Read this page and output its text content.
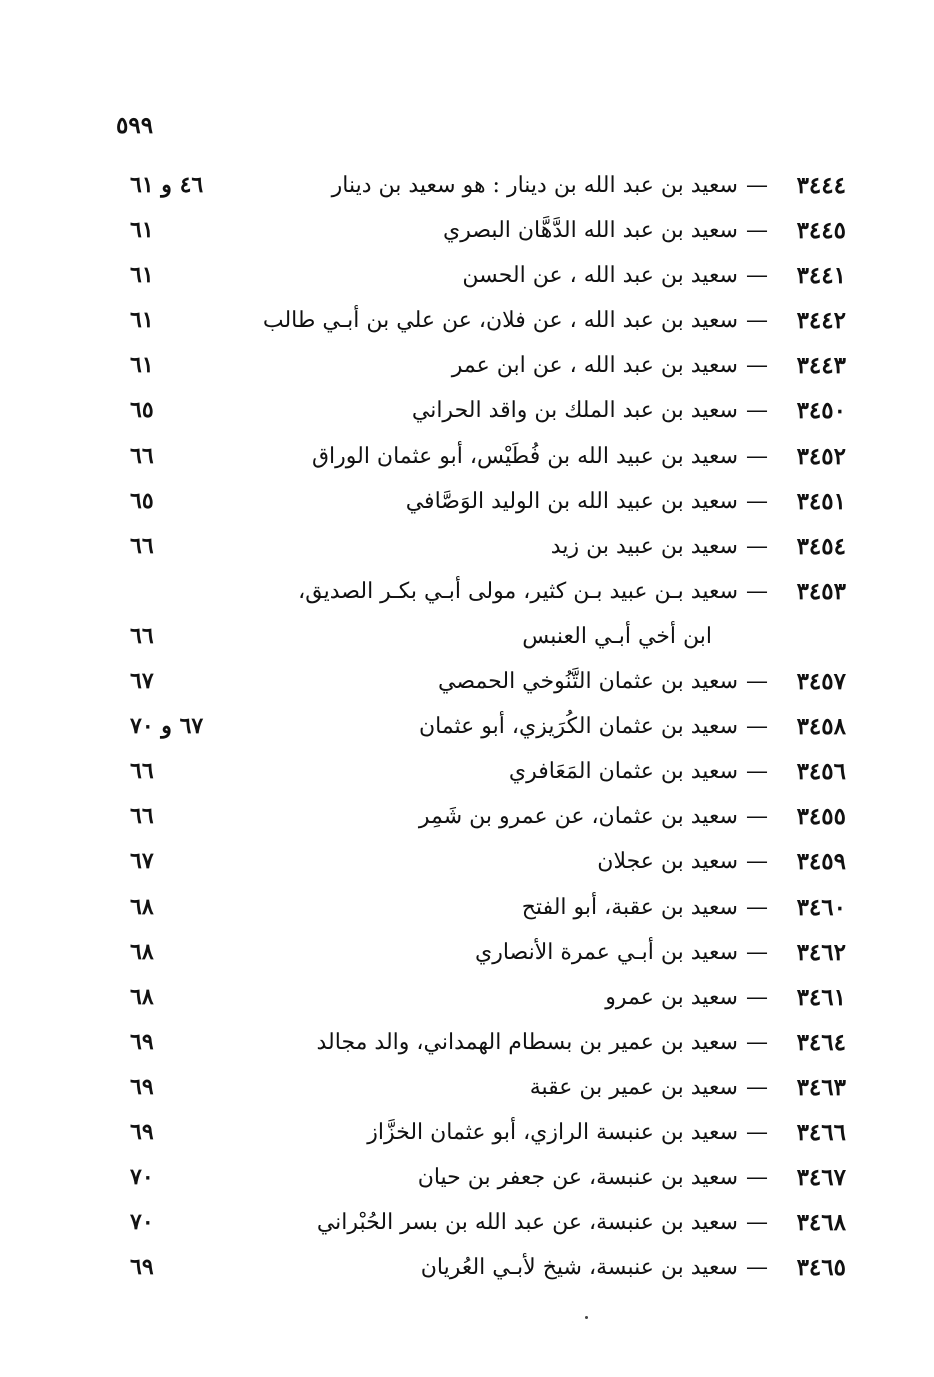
٥٩٩
٣٤٤٤
—
سعيد بن عبد الله بن دينار : هو سعيد بن دينار
٤٦ و ٦١
٣٤٤٥
—
سعيد بن عبد الله الدَّهَّان البصري
٦١
٣٤٤١
—
سعيد بن عبد الله ، عن الحسن
٦١
٣٤٤٢
—
سعيد بن عبد الله ، عن فلان، عن علي بن أبـي طالب
٦١
٣٤٤٣
—
سعيد بن عبد الله ، عن ابن عمر
٦١
٣٤٥٠
—
سعيد بن عبد الملك بن واقد الحراني
٦٥
٣٤٥٢
—
سعيد بن عبيد الله بن فُطَيْس، أبو عثمان الوراق
٦٦
٣٤٥١
—
سعيد بن عبيد الله بن الوليد الوَصَّافي
٦٥
٣٤٥٤
—
سعيد بن عبيد بن زيد
٦٦
٣٤٥٣
—
سعيد بـن عبيد بـن كثير، مولى أبـي بكـر الصديق،
ابن أخي أبـي العنبس
٦٦
٣٤٥٧
—
سعيد بن عثمان التَّنُوخي الحمصي
٦٧
٣٤٥٨
—
سعيد بن عثمان الكُرَيزي، أبو عثمان
٦٧ و ٧٠
٣٤٥٦
—
سعيد بن عثمان المَعَافري
٦٦
٣٤٥٥
—
سعيد بن عثمان، عن عمرو بن شَمِر
٦٦
٣٤٥٩
—
سعيد بن عجلان
٦٧
٣٤٦٠
—
سعيد بن عقبة، أبو الفتح
٦٨
٣٤٦٢
—
سعيد بن أبـي عمرة الأنصاري
٦٨
٣٤٦١
—
سعيد بن عمرو
٦٨
٣٤٦٤
—
سعيد بن عمير بن بسطام الهمداني، والد مجالد
٦٩
٣٤٦٣
—
سعيد بن عمير بن عقبة
٦٩
٣٤٦٦
—
سعيد بن عنبسة الرازي، أبو عثمان الخزَّاز
٦٩
٣٤٦٧
—
سعيد بن عنبسة، عن جعفر بن حيان
٧٠
٣٤٦٨
—
سعيد بن عنبسة، عن عبد الله بن بسر الحُبْراني
٧٠
٣٤٦٥
—
سعيد بن عنبسة، شيخ لأبـي العُريان
٦٩
